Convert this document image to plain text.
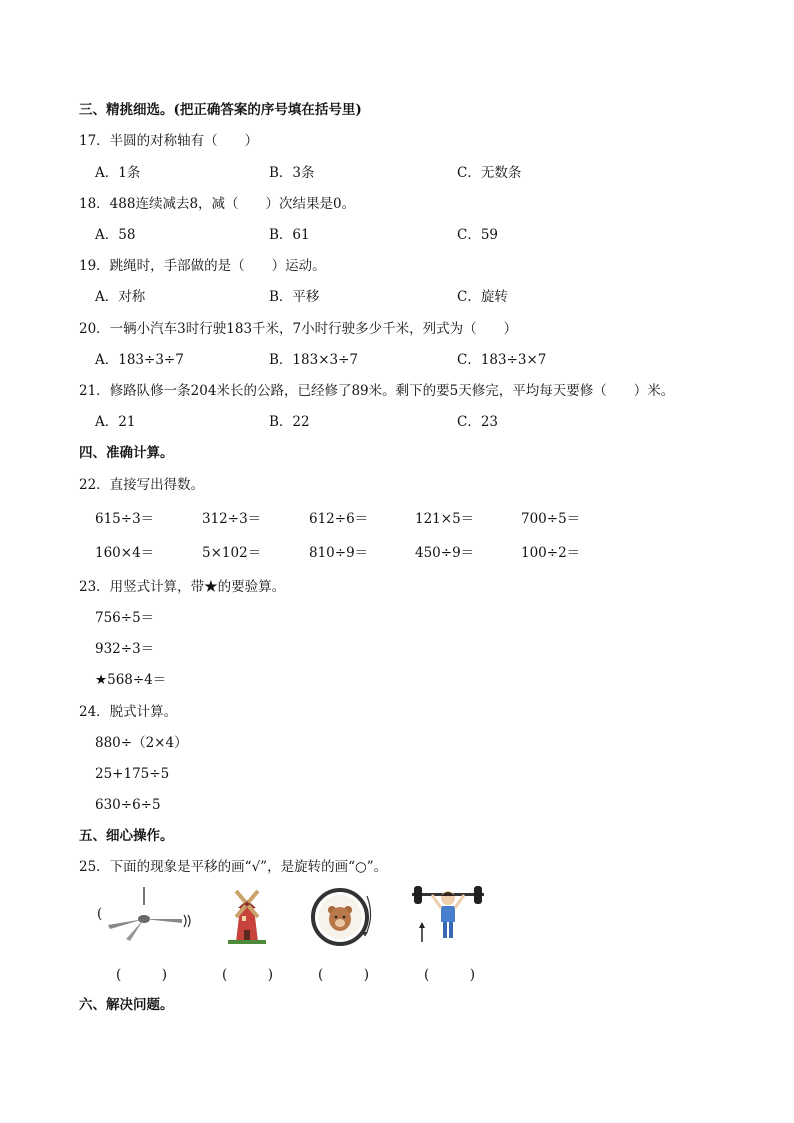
三、精挑细选。(把正确答案的序号填在括号里)
17．半圆的对称轴有（　　）
A．1条	B．3条	C．无数条
18．488连续减去8，减（　　）次结果是0。
A．58	B．61	C．59
19．跳绳时，手部做的是（　　）运动。
A．对称	B．平移	C．旋转
20．一辆小汽车3时行驶183千米，7小时行驶多少千米，列式为（　　）
A．183÷3÷7	B．183×3÷7	C．183÷3×7
21．修路队修一条204米长的公路，已经修了89米。剩下的要5天修完，平均每天要修（　　）米。
A．21	B．22	C．23
四、准确计算。
22．直接写出得数。
615÷3＝	312÷3＝	612÷6＝	121×5＝	700÷5＝
160×4＝	5×102＝	810÷9＝	450÷9＝	100÷2＝
23．用竖式计算，带★的要验算。
756÷5＝
932÷3＝
★568÷4＝
24．脱式计算。
880÷（2×4）
25+175÷5
630÷6÷5
五、细心操作。
25．下面的现象是平移的画“√”，是旋转的画“○”。
(
(　　　)	(　　　)	(　　　)	(　　　)
六、解决问题。
